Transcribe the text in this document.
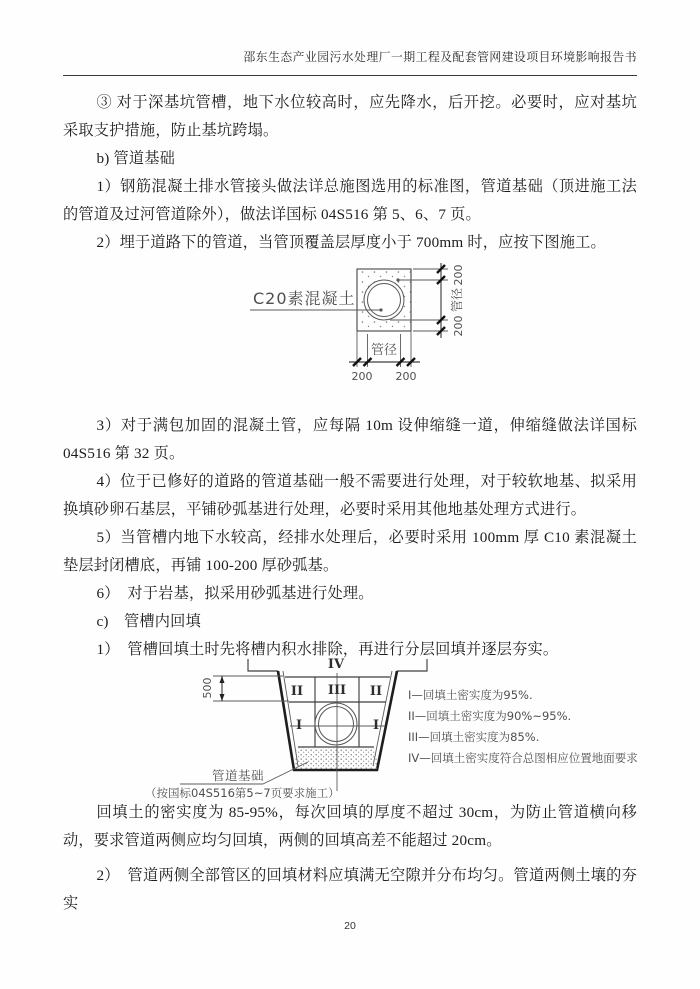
邵东生态产业园污水处理厂一期工程及配套管网建设项目环境影响报告书

③ 对于深基坑管槽，地下水位较高时，应先降水，后开挖。必要时，应对基坑采取支护措施，防止基坑跨塌。

b) 管道基础

1）钢筋混凝土排水管接头做法详总施图选用的标准图，管道基础（顶进施工法的管道及过河管道除外），做法详国标 04S516 第 5、6、7 页。

2）埋于道路下的管道，当管顶覆盖层厚度小于 700mm 时，应按下图施工。

C20素混凝土
200
管径
200
管径
200 200

3）对于满包加固的混凝土管，应每隔 10m 设伸缩缝一道，伸缩缝做法详国标 04S516 第 32 页。

4）位于已修好的道路的管道基础一般不需要进行处理，对于较软地基、拟采用换填砂卵石基层，平铺砂弧基进行处理，必要时采用其他地基处理方式进行。

5）当管槽内地下水较高，经排水处理后，必要时采用 100mm 厚 C10 素混凝土垫层封闭槽底，再铺 100-200 厚砂弧基。

6）　对于岩基，拟采用砂弧基进行处理。

c)　管槽内回填

1）　管槽回填土时先将槽内积水排除，再进行分层回填并逐层夯实。

IV
II III II
I	I
500
管道基础
（按国标04S516第5~7页要求施工）
I—回填土密实度为95%.
II—回填土密实度为90%~95%.
III—回填土密实度为85%.
IV—回填土密实度符合总图相应位置地面要求

回填土的密实度为 85-95%，每次回填的厚度不超过 30cm，为防止管道横向移动，要求管道两侧应均匀回填，两侧的回填高差不能超过 20cm。

2）　管道两侧全部管区的回填材料应填满无空隙并分布均匀。管道两侧土壤的夯实

20
